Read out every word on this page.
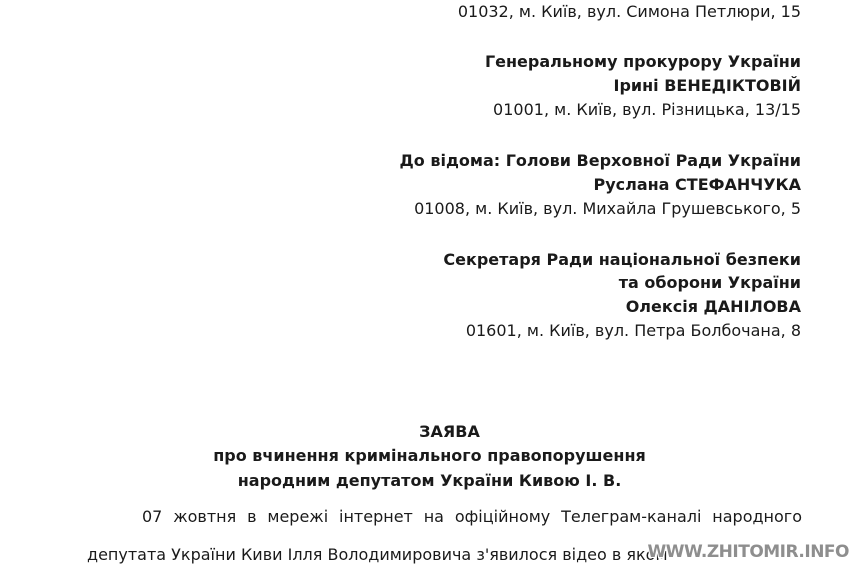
01032, м. Київ, вул. Симона Петлюри, 15
Генеральному прокурору України
Ірині ВЕНЕДІКТОВІЙ
01001, м. Київ, вул. Різницька, 13/15
До відома: Голови Верховної Ради України
Руслана СТЕФАНЧУКА
01008, м. Київ, вул. Михайла Грушевського, 5
Секретаря Ради національної безпеки
та оборони України
Олексія ДАНІЛОВА
01601, м. Київ, вул. Петра Болбочана, 8
ЗАЯВА
про вчинення кримінального правопорушення
народним депутатом України Кивою І. В.
07 жовтня в мережі інтернет на офіційному Телеграм-каналі народного
депутата України Киви Ілля Володимировича з'явилося відео в яком
WWW.ZHITOMIR.INFO
